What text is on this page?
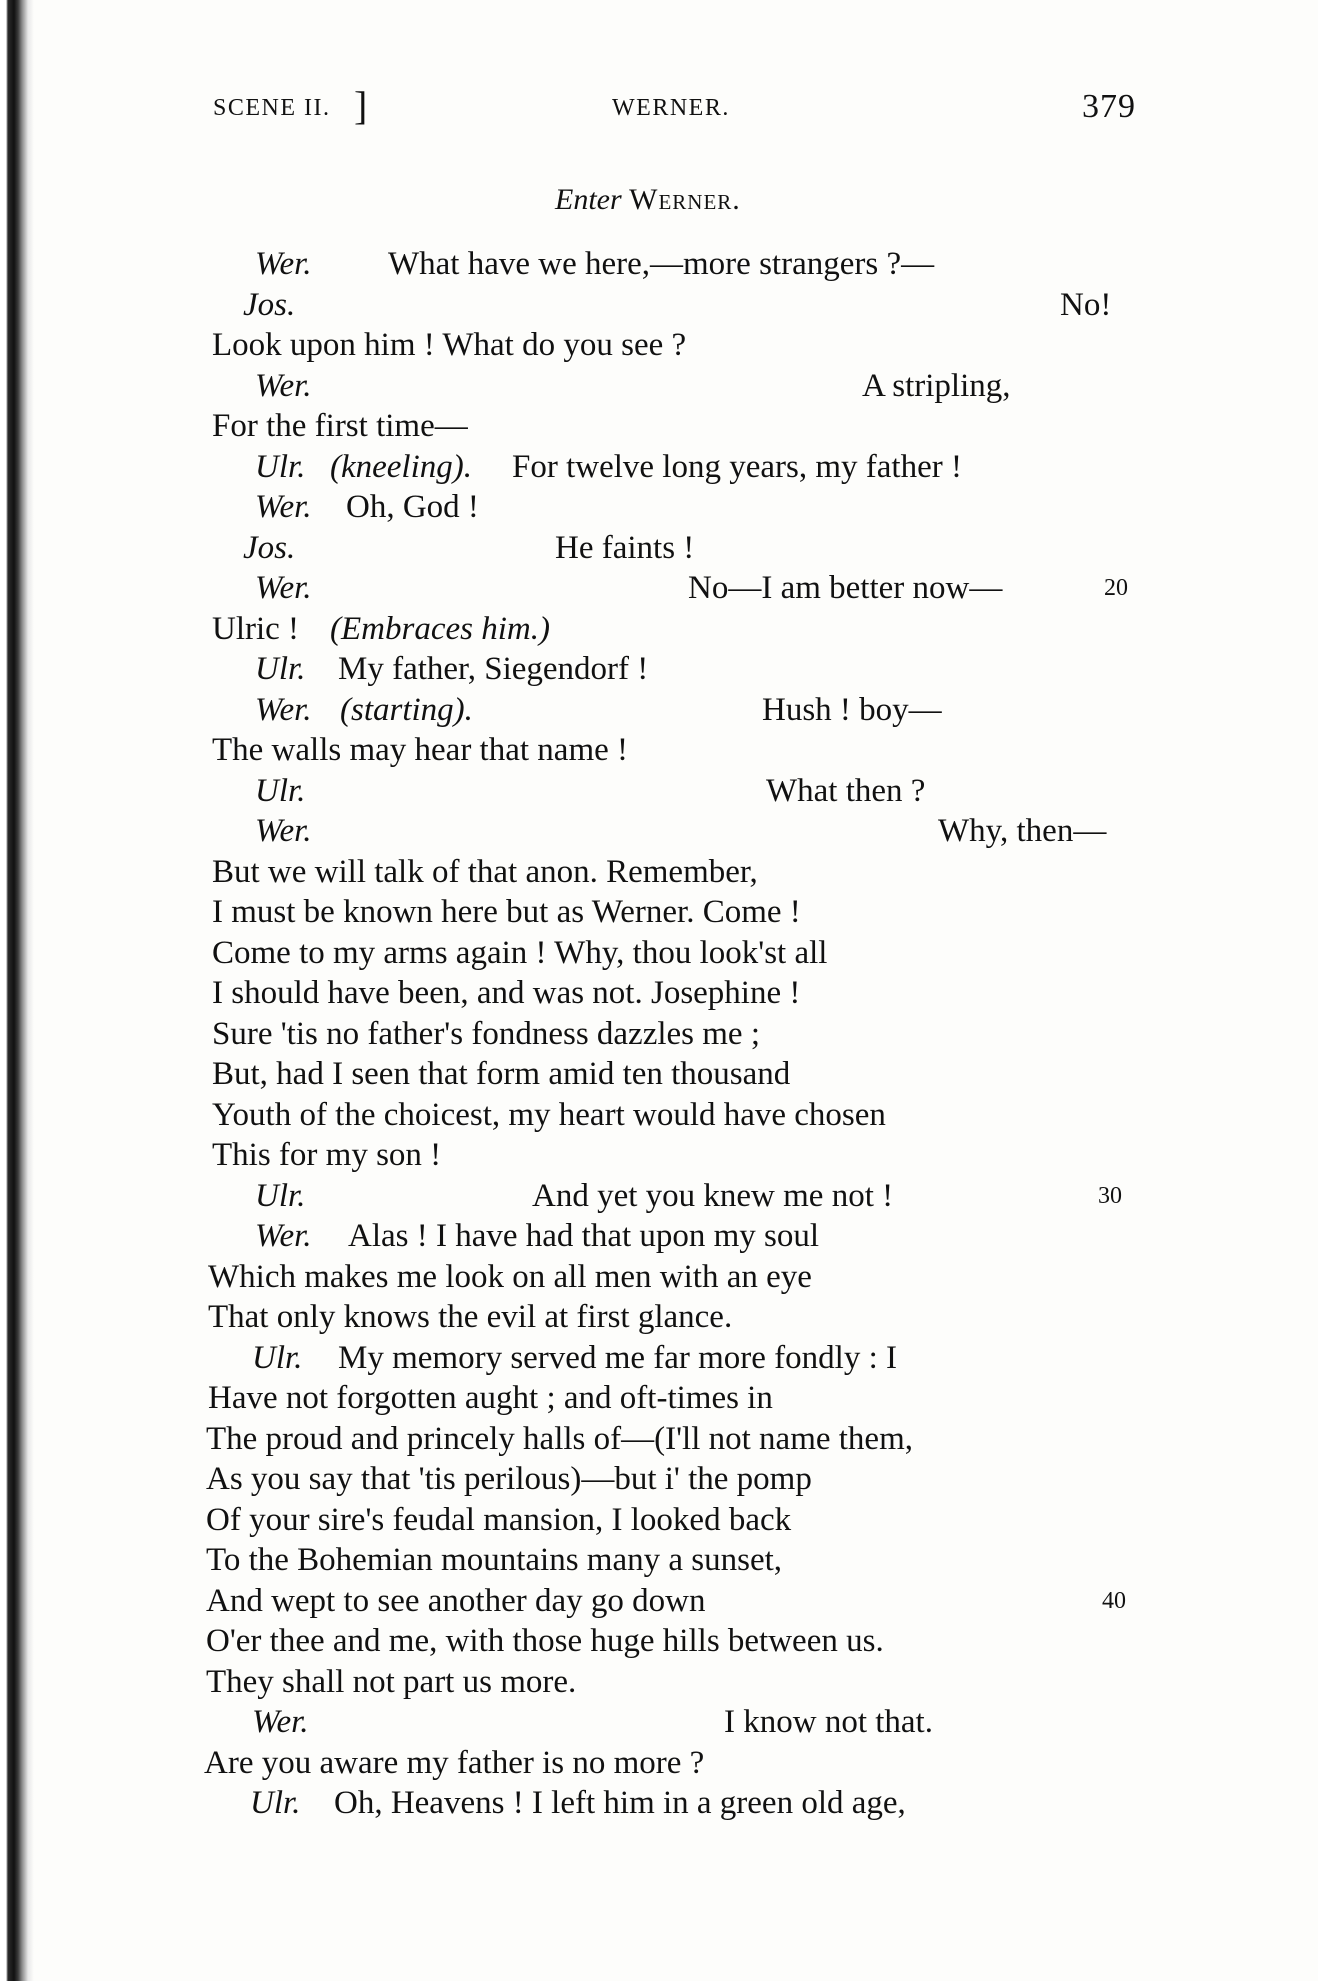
SCENE II. ]	WERNER.	379
Enter Werner.
Wer. What have we here,—more strangers ?—
Jos.	No!
Look upon him ! What do you see ?
Wer.	A stripling,
For the first time—
Ulr. (kneeling). For twelve long years, my father !
Wer. Oh, God !
Jos.	He faints !
Wer.	No—I am better now—	20
Ulric ! (Embraces him.)
Ulr. My father, Siegendorf !
Wer. (starting).	Hush ! boy—
The walls may hear that name !
Ulr.	What then ?
Wer.	Why, then—
But we will talk of that anon. Remember,
I must be known here but as Werner. Come !
Come to my arms again ! Why, thou look'st all
I should have been, and was not. Josephine !
Sure 'tis no father's fondness dazzles me ;
But, had I seen that form amid ten thousand
Youth of the choicest, my heart would have chosen
This for my son !
Ulr.	And yet you knew me not !	30
Wer. Alas ! I have had that upon my soul
Which makes me look on all men with an eye
That only knows the evil at first glance.
Ulr. My memory served me far more fondly : I
Have not forgotten aught ; and oft-times in
The proud and princely halls of—(I'll not name them,
As you say that 'tis perilous)—but i' the pomp
Of your sire's feudal mansion, I looked back
To the Bohemian mountains many a sunset,
And wept to see another day go down	40
O'er thee and me, with those huge hills between us.
They shall not part us more.
Wer.	I know not that.
Are you aware my father is no more ?
Ulr. Oh, Heavens ! I left him in a green old age,
